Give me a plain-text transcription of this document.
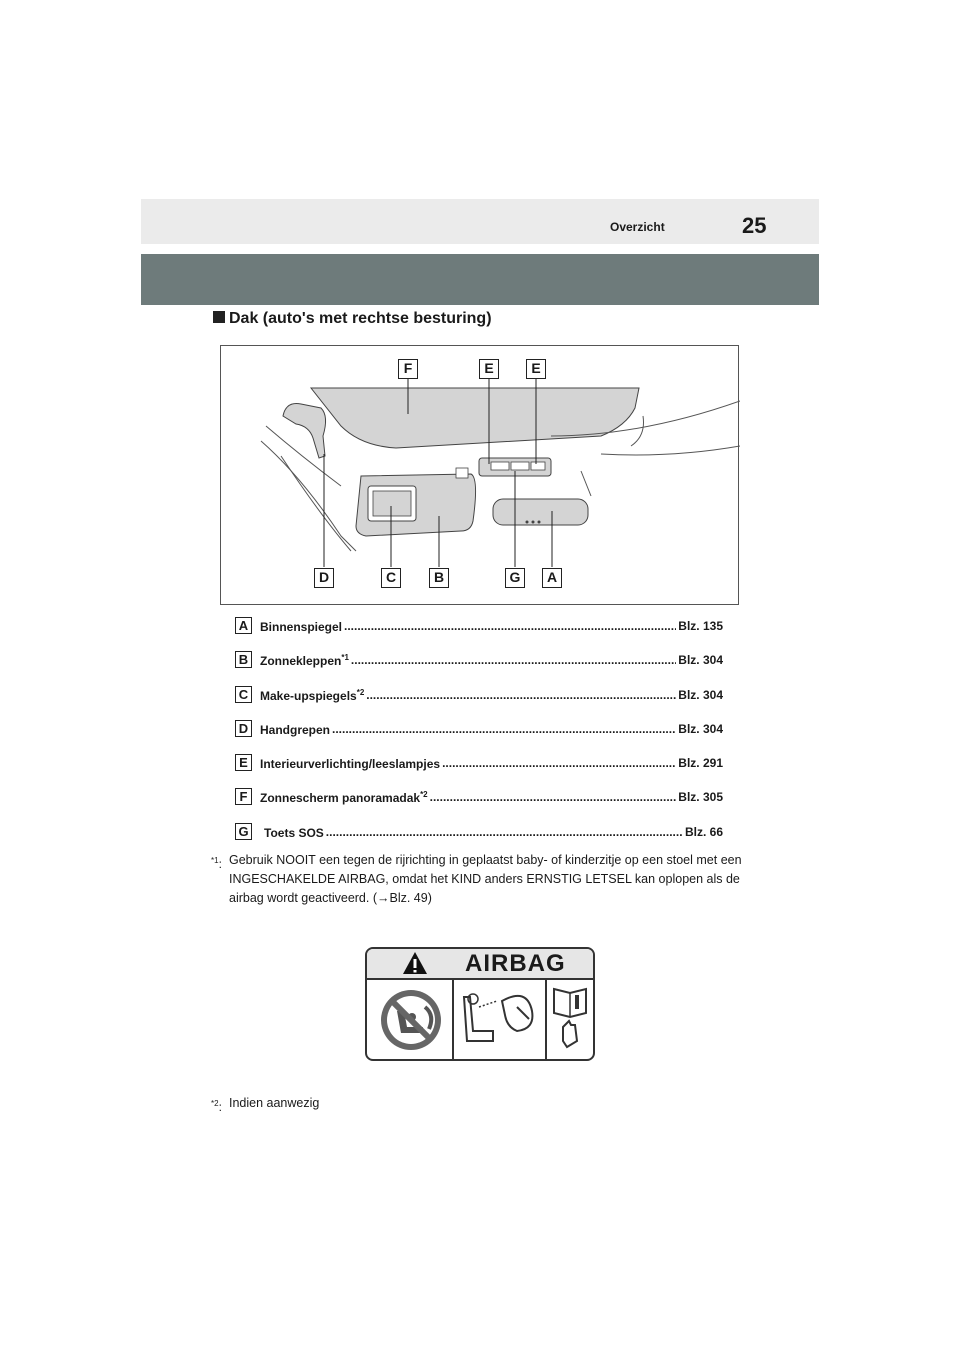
Overzicht	25
Dak (auto's met rechtse besturing)
F	E	E
D	C	B	G	A
A Binnenspiegel .....	Blz. 135
B Zonnekleppen$^{*1}$ .....	Blz. 304
C Make-upspiegels$^{*2}$ .....	Blz. 304
D Handgrepen .....	Blz. 304
E	Interieurverlichting/leeslampjes .....	Blz. 291
F	Zonnescherm panoramadak$^{*2}$ .....	Blz. 305
G	Toets SOS .....	Blz. 66
$^{*1}$: Gebruik NOOIT een tegen de rijrichting in geplaatst baby- of kinderzitje op een stoel met een INGESCHAKELDE AIRBAG, omdat het KIND anders ERNSTIG LETSEL kan oplopen als de airbag wordt geactiveerd. (→Blz. 49)
AIRBAG
$^{*2}$: Indien aanwezig
